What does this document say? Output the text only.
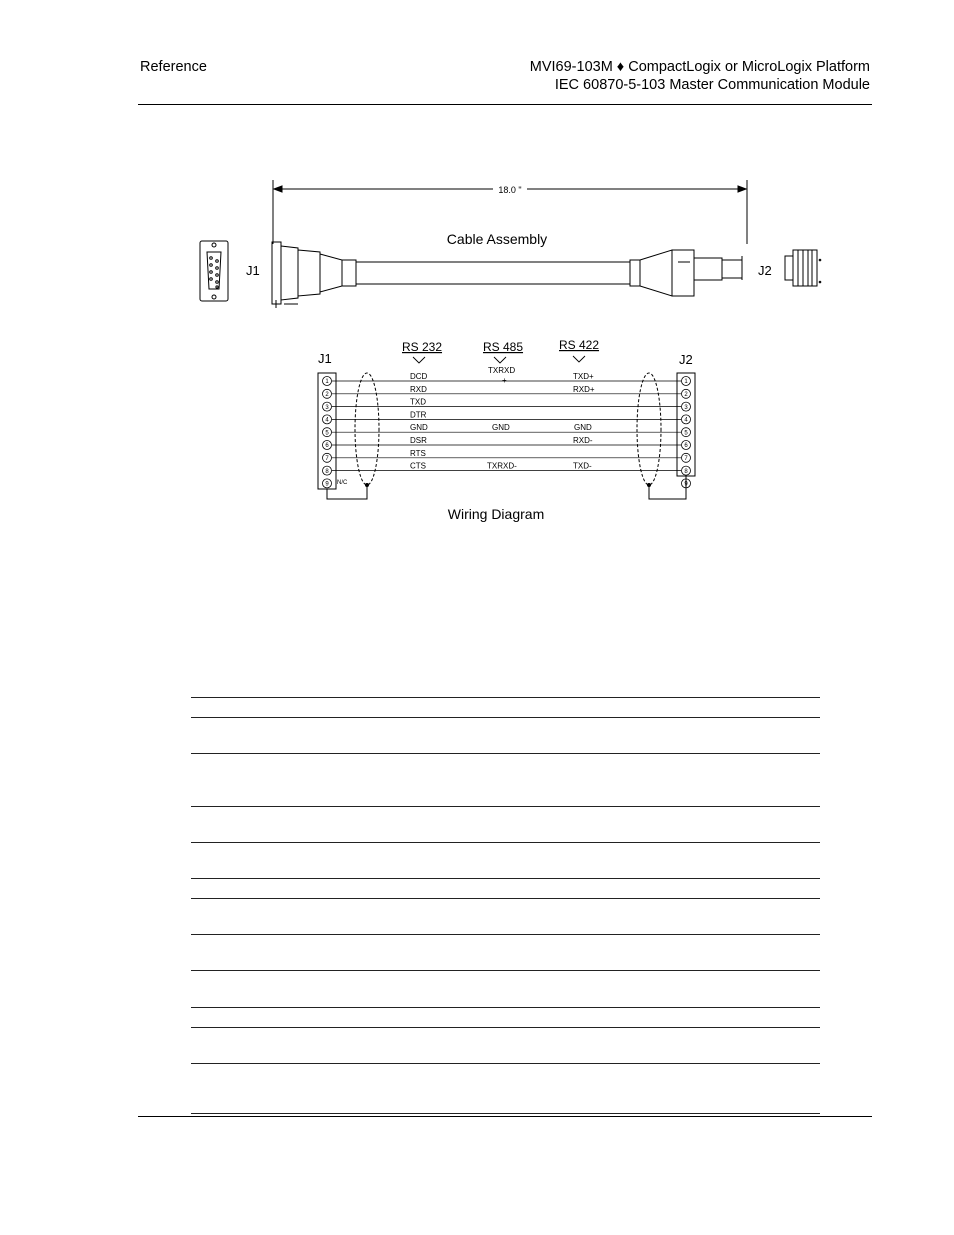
Reference	MVI69-103M ♦ CompactLogix or MicroLogix Platform
IEC 60870-5-103 Master Communication Module
18.0 "
Cable Assembly
J1	J2
J1	J2
RS 232	RS 485	RS 422
TXRXD
+
1
2
3
4
5
6
7
8
9
1
2
3
4
5
6
7
8
9
DCD
RXD
TXD
DTR
GND
DSR
RTS
CTS
GND
TXRXD-
TXD+
RXD+
GND
RXD-
TXD-
N/C
Wiring Diagram
